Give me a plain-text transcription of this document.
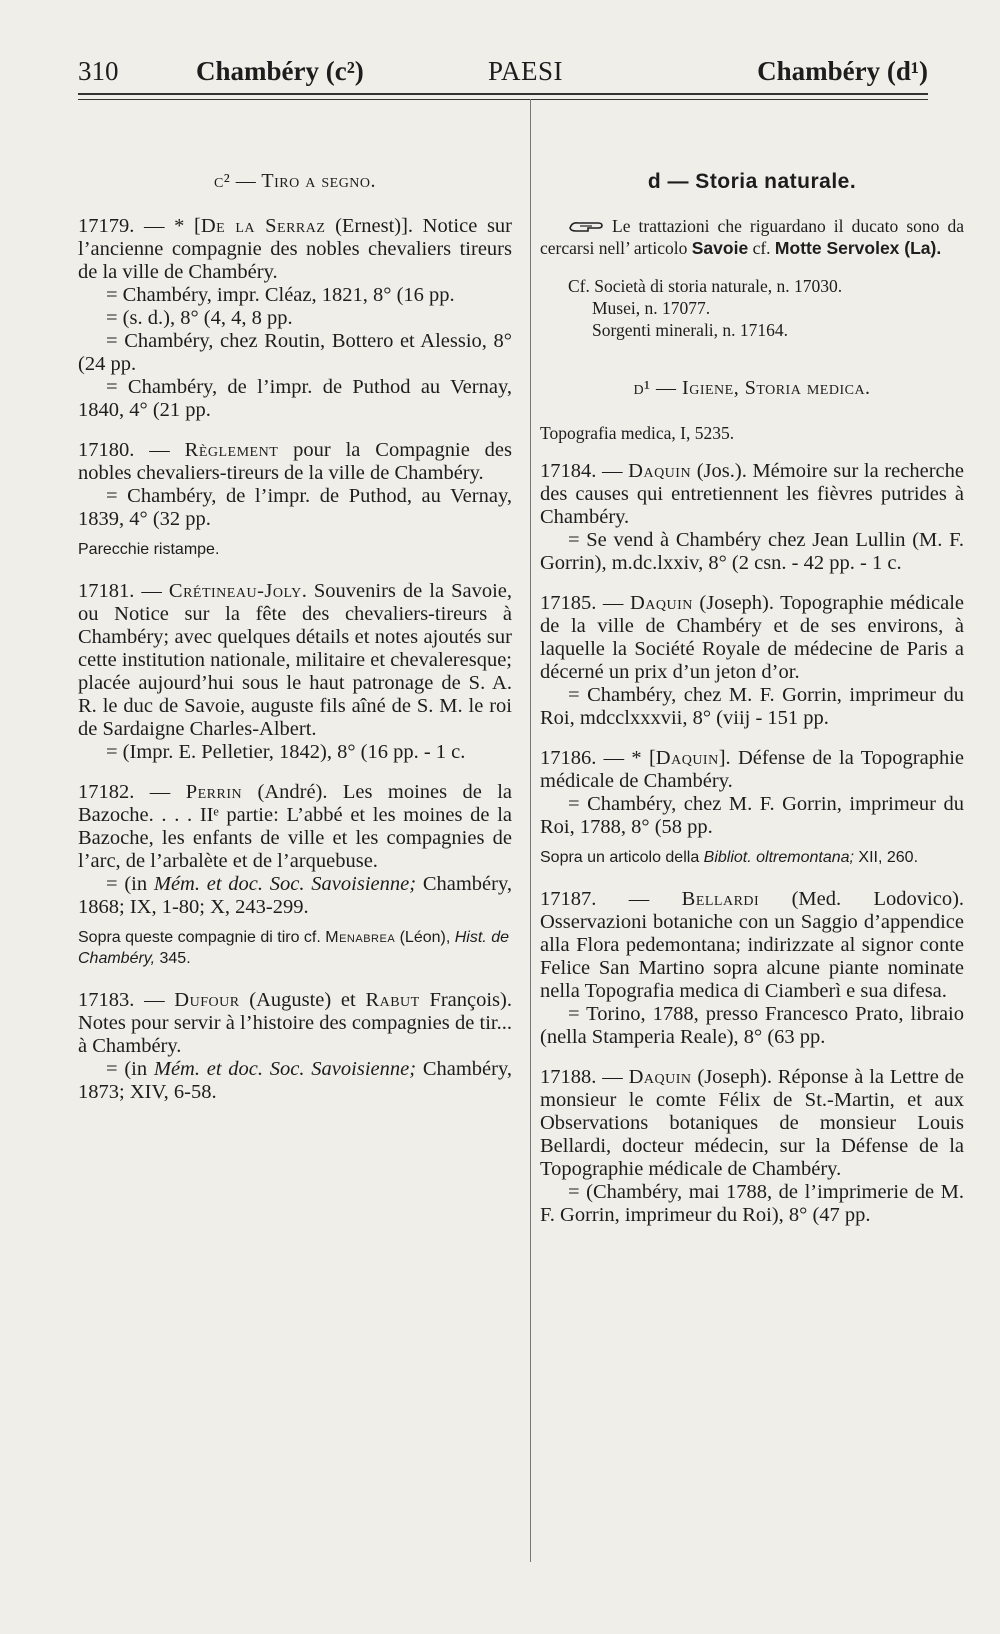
310	Chambéry (c²)	PAESI	Chambéry (d¹)
c² — Tiro a segno.

17179. — * [De la Serraz (Ernest)]. Notice sur l’ancienne compagnie des nobles chevaliers tireurs de la ville de Chambéry.

= Chambéry, impr. Cléaz, 1821, 8° (16 pp.

= (s. d.), 8° (4, 4, 8 pp.

= Chambéry, chez Routin, Bottero et Alessio, 8° (24 pp.

= Chambéry, de l’impr. de Puthod au Vernay, 1840, 4° (21 pp.

17180. — Règlement pour la Compagnie des nobles chevaliers-tireurs de la ville de Chambéry.

= Chambéry, de l’impr. de Puthod, au Vernay, 1839, 4° (32 pp.

Parecchie ristampe.

17181. — Crétineau-Joly. Souvenirs de la Savoie, ou Notice sur la fête des chevaliers-tireurs à Chambéry; avec quelques détails et notes ajoutés sur cette institution nationale, militaire et chevaleresque; placée aujourd’hui sous le haut patronage de S. A. R. le duc de Savoie, auguste fils aîné de S. M. le roi de Sardaigne Charles-Albert.

= (Impr. E. Pelletier, 1842), 8° (16 pp. - 1 c.

17182. — Perrin (André). Les moines de la Bazoche. . . . IIᵉ partie: L’abbé et les moines de la Bazoche, les enfants de ville et les compagnies de l’arc, de l’arbalète et de l’arquebuse.

= (in Mém. et doc. Soc. Savoisienne; Chambéry, 1868; IX, 1-80; X, 243-299.

Sopra queste compagnie di tiro cf. Menabrea (Léon), Hist. de Chambéry, 345.

17183. — Dufour (Auguste) et Rabut François). Notes pour servir à l’histoire des compagnies de tir... à Chambéry.

= (in Mém. et doc. Soc. Savoisienne; Chambéry, 1873; XIV, 6-58.

d — Storia naturale.

Le trattazioni che riguardano il ducato sono da cercarsi nell’ articolo Savoie cf. Motte Servolex (La).

Cf. Società di storia naturale, n. 17030.

Musei, n. 17077.

Sorgenti minerali, n. 17164.

d¹ — Igiene, Storia medica.

Topografia medica, I, 5235.

17184. — Daquin (Jos.). Mémoire sur la recherche des causes qui entretiennent les fièvres putrides à Chambéry.

= Se vend à Chambéry chez Jean Lullin (M. F. Gorrin), m.dc.lxxiv, 8° (2 csn. - 42 pp. - 1 c.

17185. — Daquin (Joseph). Topographie médicale de la ville de Chambéry et de ses environs, à laquelle la Société Royale de médecine de Paris a décerné un prix d’un jeton d’or.

= Chambéry, chez M. F. Gorrin, imprimeur du Roi, mdcclxxxvii, 8° (viij - 151 pp.

17186. — * [Daquin]. Défense de la Topographie médicale de Chambéry.

= Chambéry, chez M. F. Gorrin, imprimeur du Roi, 1788, 8° (58 pp.

Sopra un articolo della Bibliot. oltremontana; XII, 260.

17187. — Bellardi (Med. Lodovico). Osservazioni botaniche con un Saggio d’appendice alla Flora pedemontana; indirizzate al signor conte Felice San Martino sopra alcune piante nominate nella Topografia medica di Ciamberì e sua difesa.

= Torino, 1788, presso Francesco Prato, libraio (nella Stamperia Reale), 8° (63 pp.

17188. — Daquin (Joseph). Réponse à la Lettre de monsieur le comte Félix de St.-Martin, et aux Observations botaniques de monsieur Louis Bellardi, docteur médecin, sur la Défense de la Topographie médicale de Chambéry.

= (Chambéry, mai 1788, de l’imprimerie de M. F. Gorrin, imprimeur du Roi), 8° (47 pp.
